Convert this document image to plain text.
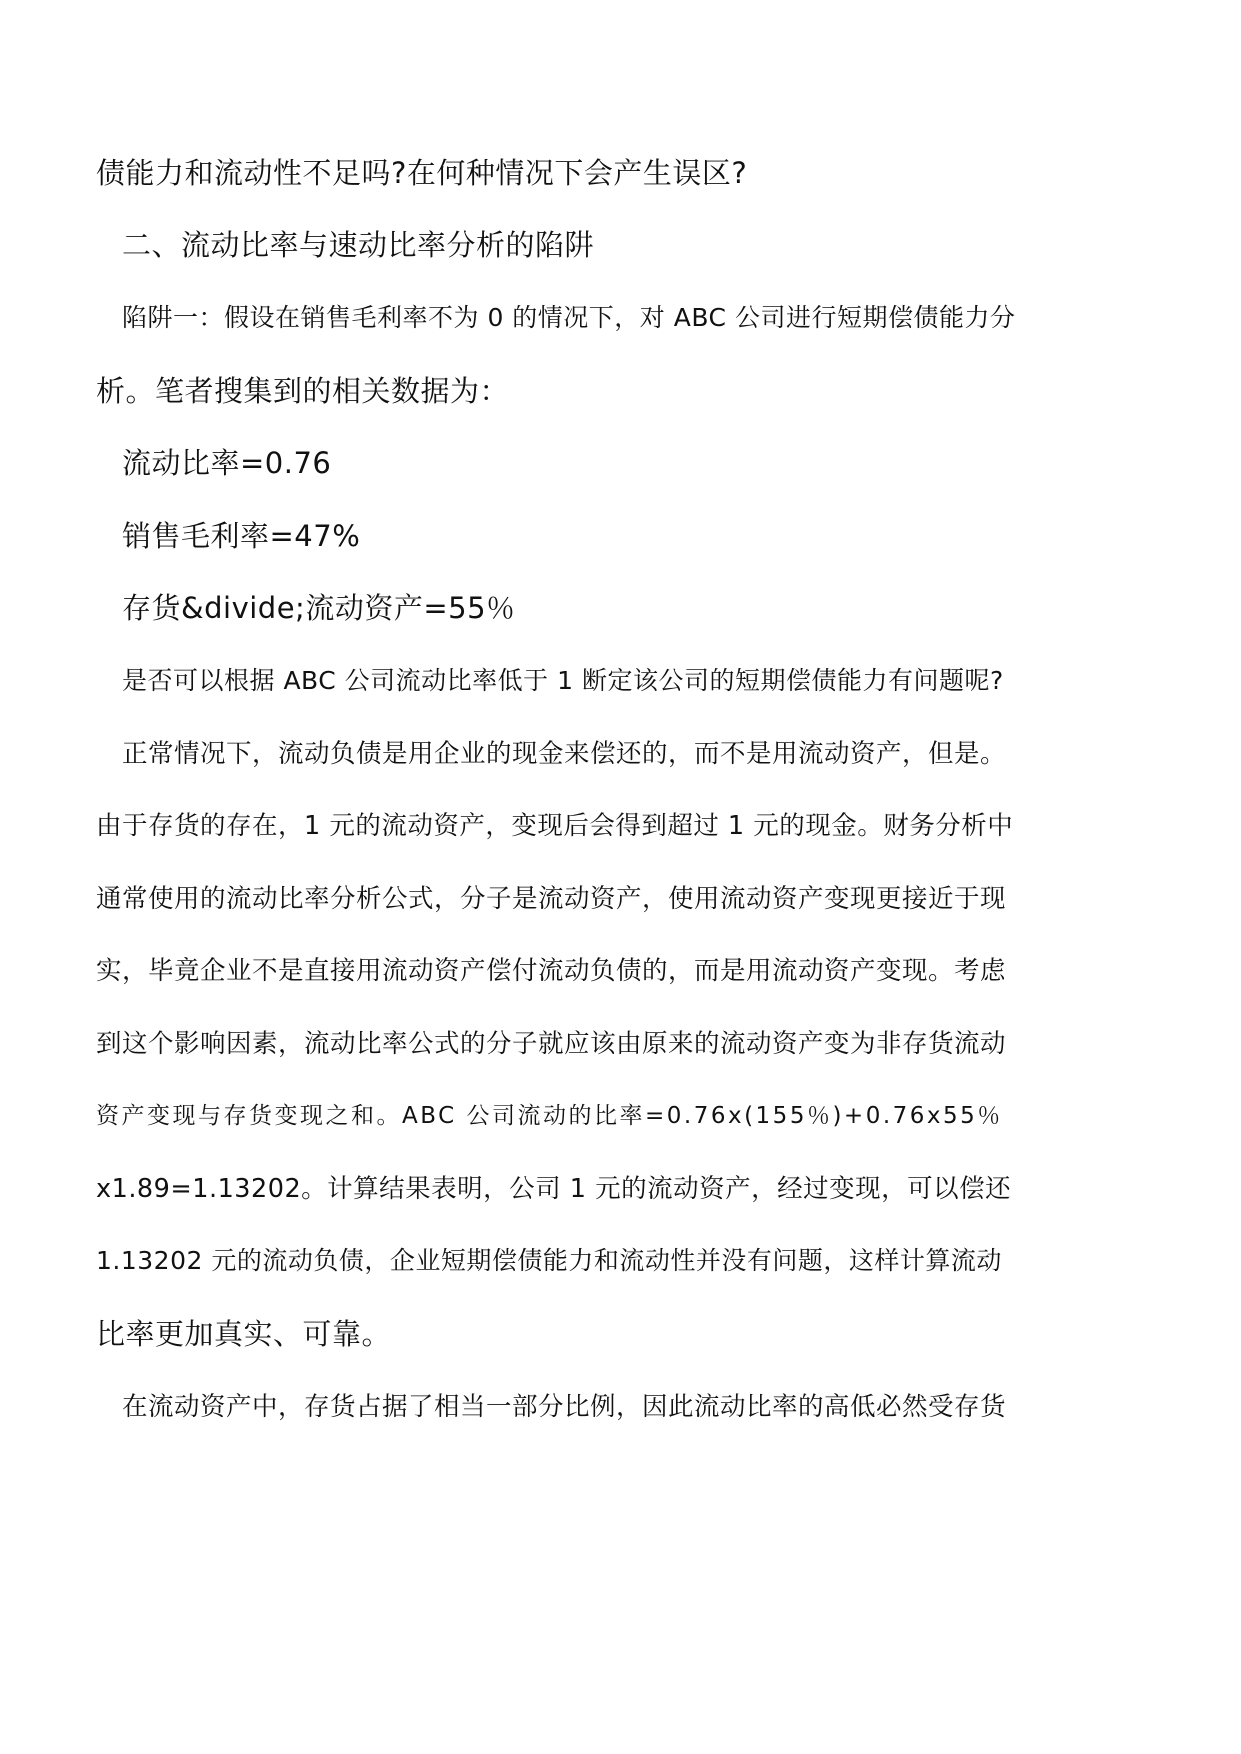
债能力和流动性不足吗?在何种情况下会产生误区?
二、流动比率与速动比率分析的陷阱
陷阱一：假设在销售毛利率不为 0 的情况下，对 ABC 公司进行短期偿债能力分
析。笔者搜集到的相关数据为：
流动比率=0.76
销售毛利率=47%
存货&divide;流动资产=55％
是否可以根据 ABC 公司流动比率低于 1 断定该公司的短期偿债能力有问题呢?
正常情况下，流动负债是用企业的现金来偿还的，而不是用流动资产，但是。
由于存货的存在，1 元的流动资产，变现后会得到超过 1 元的现金。财务分析中
通常使用的流动比率分析公式，分子是流动资产，使用流动资产变现更接近于现
实，毕竟企业不是直接用流动资产偿付流动负债的，而是用流动资产变现。考虑
到这个影响因素，流动比率公式的分子就应该由原来的流动资产变为非存货流动
资产变现与存货变现之和。ABC 公司流动的比率=0.76x(155％)+0.76x55％
x1.89=1.13202。计算结果表明，公司 1 元的流动资产，经过变现，可以偿还
1.13202 元的流动负债，企业短期偿债能力和流动性并没有问题，这样计算流动
比率更加真实、可靠。
在流动资产中，存货占据了相当一部分比例，因此流动比率的高低必然受存货
